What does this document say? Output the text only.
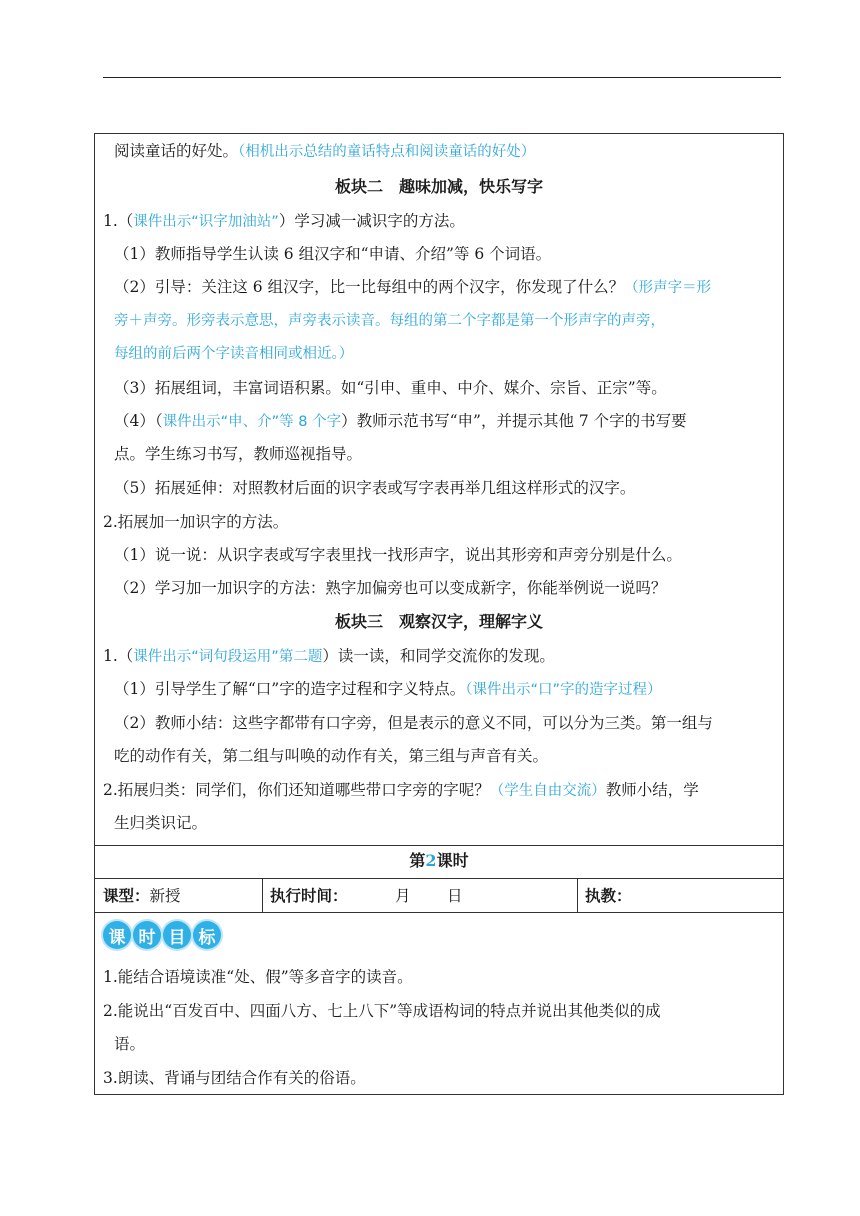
阅读童话的好处。（相机出示总结的童话特点和阅读童话的好处）
板块二　趣味加减，快乐写字
1.（课件出示“识字加油站”）学习减一减识字的方法。
（1）教师指导学生认读 6 组汉字和“申请、介绍”等 6 个词语。
（2）引导：关注这 6 组汉字，比一比每组中的两个汉字，你发现了什么？（形声字＝形
旁＋声旁。形旁表示意思，声旁表示读音。每组的第二个字都是第一个形声字的声旁，
每组的前后两个字读音相同或相近。）
（3）拓展组词，丰富词语积累。如“引申、重申、中介、媒介、宗旨、正宗”等。
（4）（课件出示“申、介”等 8 个字）教师示范书写“申”，并提示其他 7 个字的书写要
点。学生练习书写，教师巡视指导。
（5）拓展延伸：对照教材后面的识字表或写字表再举几组这样形式的汉字。
2.拓展加一加识字的方法。
（1）说一说：从识字表或写字表里找一找形声字，说出其形旁和声旁分别是什么。
（2）学习加一加识字的方法：熟字加偏旁也可以变成新字，你能举例说一说吗？
板块三　观察汉字，理解字义
1.（课件出示“词句段运用”第二题）读一读，和同学交流你的发现。
（1）引导学生了解“口”字的造字过程和字义特点。（课件出示“口”字的造字过程）
（2）教师小结：这些字都带有口字旁，但是表示的意义不同，可以分为三类。第一组与
吃的动作有关，第二组与叫唤的动作有关，第三组与声音有关。
2.拓展归类：同学们，你们还知道哪些带口字旁的字呢？（学生自由交流）教师小结，学
生归类识记。
第2课时
课型：新授	执行时间：	月 日	执教：
课 时 目 标
1.能结合语境读准“处、假”等多音字的读音。
2.能说出“百发百中、四面八方、七上八下”等成语构词的特点并说出其他类似的成
语。
3.朗读、背诵与团结合作有关的俗语。
